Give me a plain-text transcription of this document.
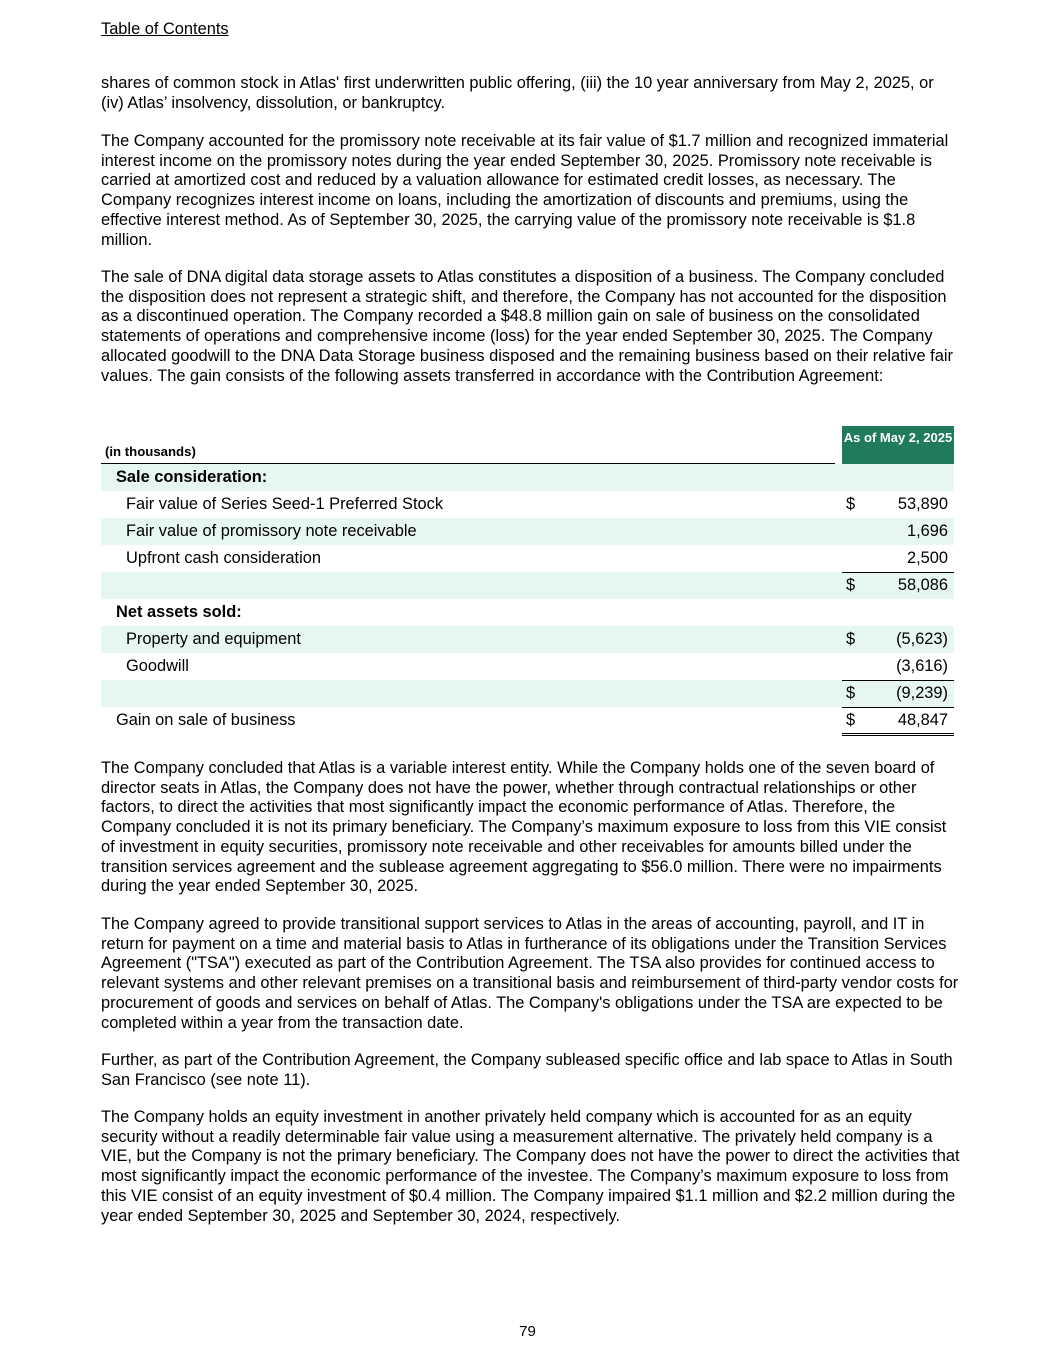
Table of Contents

shares of common stock in Atlas' first underwritten public offering, (iii) the 10 year anniversary from May 2, 2025, or (iv) Atlas’ insolvency, dissolution, or bankruptcy.

The Company accounted for the promissory note receivable at its fair value of $1.7 million and recognized immaterial interest income on the promissory notes during the year ended September 30, 2025. Promissory note receivable is carried at amortized cost and reduced by a valuation allowance for estimated credit losses, as necessary. The Company recognizes interest income on loans, including the amortization of discounts and premiums, using the effective interest method. As of September 30, 2025, the carrying value of the promissory note receivable is $1.8 million.

The sale of DNA digital data storage assets to Atlas constitutes a disposition of a business. The Company concluded the disposition does not represent a strategic shift, and therefore, the Company has not accounted for the disposition as a discontinued operation. The Company recorded a $48.8 million gain on sale of business on the consolidated statements of operations and comprehensive income (loss) for the year ended September 30, 2025. The Company allocated goodwill to the DNA Data Storage business disposed and the remaining business based on their relative fair values. The gain consists of the following assets transferred in accordance with the Contribution Agreement:

(in thousands)
As of May 2, 2025
Sale consideration:
Fair value of Series Seed-1 Preferred Stock	$	53,890
Fair value of promissory note receivable	1,696
Upfront cash consideration	2,500
$	58,086
Net assets sold:
Property and equipment	$ (5,623)
Goodwill	(3,616)
$ (9,239)
Gain on sale of business	$	48,847

The Company concluded that Atlas is a variable interest entity. While the Company holds one of the seven board of director seats in Atlas, the Company does not have the power, whether through contractual relationships or other factors, to direct the activities that most significantly impact the economic performance of Atlas. Therefore, the Company concluded it is not its primary beneficiary. The Company’s maximum exposure to loss from this VIE consist of investment in equity securities, promissory note receivable and other receivables for amounts billed under the transition services agreement and the sublease agreement aggregating to $56.0 million. There were no impairments during the year ended September 30, 2025.

The Company agreed to provide transitional support services to Atlas in the areas of accounting, payroll, and IT in return for payment on a time and material basis to Atlas in furtherance of its obligations under the Transition Services Agreement ("TSA") executed as part of the Contribution Agreement. The TSA also provides for continued access to relevant systems and other relevant premises on a transitional basis and reimbursement of third-party vendor costs for procurement of goods and services on behalf of Atlas. The Company's obligations under the TSA are expected to be completed within a year from the transaction date.

Further, as part of the Contribution Agreement, the Company subleased specific office and lab space to Atlas in South San Francisco (see note 11).

The Company holds an equity investment in another privately held company which is accounted for as an equity security without a readily determinable fair value using a measurement alternative. The privately held company is a VIE, but the Company is not the primary beneficiary. The Company does not have the power to direct the activities that most significantly impact the economic performance of the investee. The Company’s maximum exposure to loss from this VIE consist of an equity investment of $0.4 million. The Company impaired $1.1 million and $2.2 million during the year ended September 30, 2025 and September 30, 2024, respectively.

79
